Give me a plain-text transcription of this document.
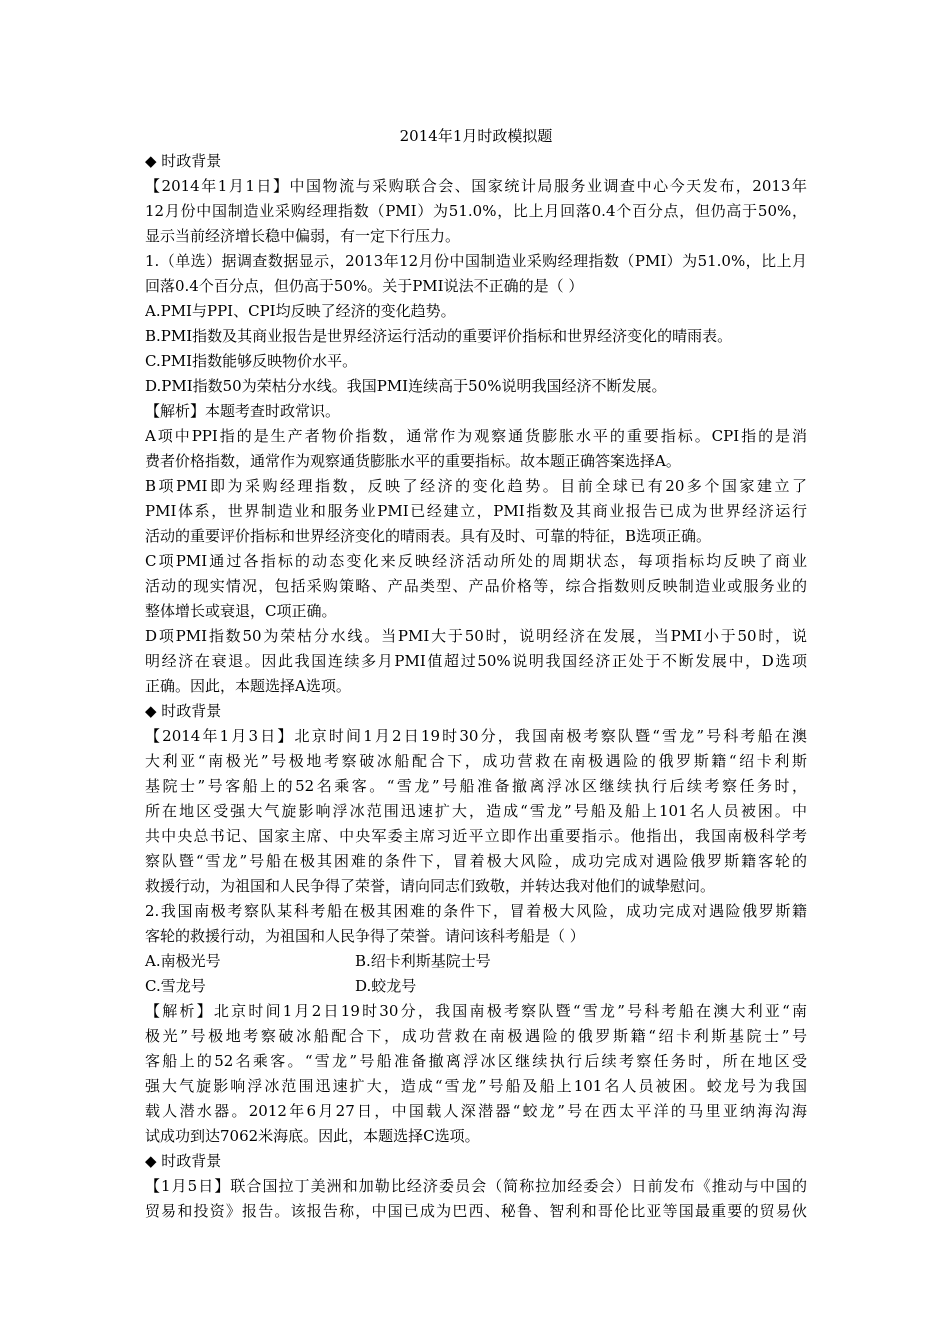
2014年1月时政模拟题
◆ 时政背景
【2014年1月1日】中国物流与采购联合会、国家统计局服务业调查中心今天发布，2013年
12月份中国制造业采购经理指数（PMI）为51.0%，比上月回落0.4个百分点，但仍高于50%，
显示当前经济增长稳中偏弱，有一定下行压力。
1.（单选）据调查数据显示，2013年12月份中国制造业采购经理指数（PMI）为51.0%，比上月
回落0.4个百分点，但仍高于50%。关于PMI说法不正确的是（ ）
A.PMI与PPI、CPI均反映了经济的变化趋势。
B.PMI指数及其商业报告是世界经济运行活动的重要评价指标和世界经济变化的晴雨表。
C.PMI指数能够反映物价水平。
D.PMI指数50为荣枯分水线。我国PMI连续高于50%说明我国经济不断发展。
【解析】本题考查时政常识。
A项中PPI指的是生产者物价指数，通常作为观察通货膨胀水平的重要指标。CPI指的是消
费者价格指数，通常作为观察通货膨胀水平的重要指标。故本题正确答案选择A。
B项PMI即为采购经理指数，反映了经济的变化趋势。目前全球已有20多个国家建立了
PMI体系，世界制造业和服务业PMI已经建立，PMI指数及其商业报告已成为世界经济运行
活动的重要评价指标和世界经济变化的晴雨表。具有及时、可靠的特征，B选项正确。
C项PMI通过各指标的动态变化来反映经济活动所处的周期状态，每项指标均反映了商业
活动的现实情况，包括采购策略、产品类型、产品价格等，综合指数则反映制造业或服务业的
整体增长或衰退，C项正确。
D项PMI指数50为荣枯分水线。当PMI大于50时，说明经济在发展，当PMI小于50时，说
明经济在衰退。因此我国连续多月PMI值超过50%说明我国经济正处于不断发展中，D选项
正确。因此，本题选择A选项。
◆ 时政背景
【2014年1月3日】北京时间1月2日19时30分，我国南极考察队暨“雪龙”号科考船在澳
大利亚“南极光”号极地考察破冰船配合下，成功营救在南极遇险的俄罗斯籍“绍卡利斯
基院士”号客船上的52名乘客。“雪龙”号船准备撤离浮冰区继续执行后续考察任务时，
所在地区受强大气旋影响浮冰范围迅速扩大，造成“雪龙”号船及船上101名人员被困。中
共中央总书记、国家主席、中央军委主席习近平立即作出重要指示。他指出，我国南极科学考
察队暨“雪龙”号船在极其困难的条件下，冒着极大风险，成功完成对遇险俄罗斯籍客轮的
救援行动，为祖国和人民争得了荣誉，请向同志们致敬，并转达我对他们的诚挚慰问。
2.我国南极考察队某科考船在极其困难的条件下，冒着极大风险，成功完成对遇险俄罗斯籍
客轮的救援行动，为祖国和人民争得了荣誉。请问该科考船是（ ）
A.南极光号	B.绍卡利斯基院士号
C.雪龙号	D.蛟龙号
【解析】北京时间1月2日19时30分，我国南极考察队暨“雪龙”号科考船在澳大利亚“南
极光”号极地考察破冰船配合下，成功营救在南极遇险的俄罗斯籍“绍卡利斯基院士”号
客船上的52名乘客。“雪龙”号船准备撤离浮冰区继续执行后续考察任务时，所在地区受
强大气旋影响浮冰范围迅速扩大，造成“雪龙”号船及船上101名人员被困。蛟龙号为我国
载人潜水器。2012年6月27日，中国载人深潜器“蛟龙”号在西太平洋的马里亚纳海沟海
试成功到达7062米海底。因此，本题选择C选项。
◆ 时政背景
【1月5日】联合国拉丁美洲和加勒比经济委员会（简称拉加经委会）日前发布《推动与中国的
贸易和投资》报告。该报告称，中国已成为巴西、秘鲁、智利和哥伦比亚等国最重要的贸易伙
